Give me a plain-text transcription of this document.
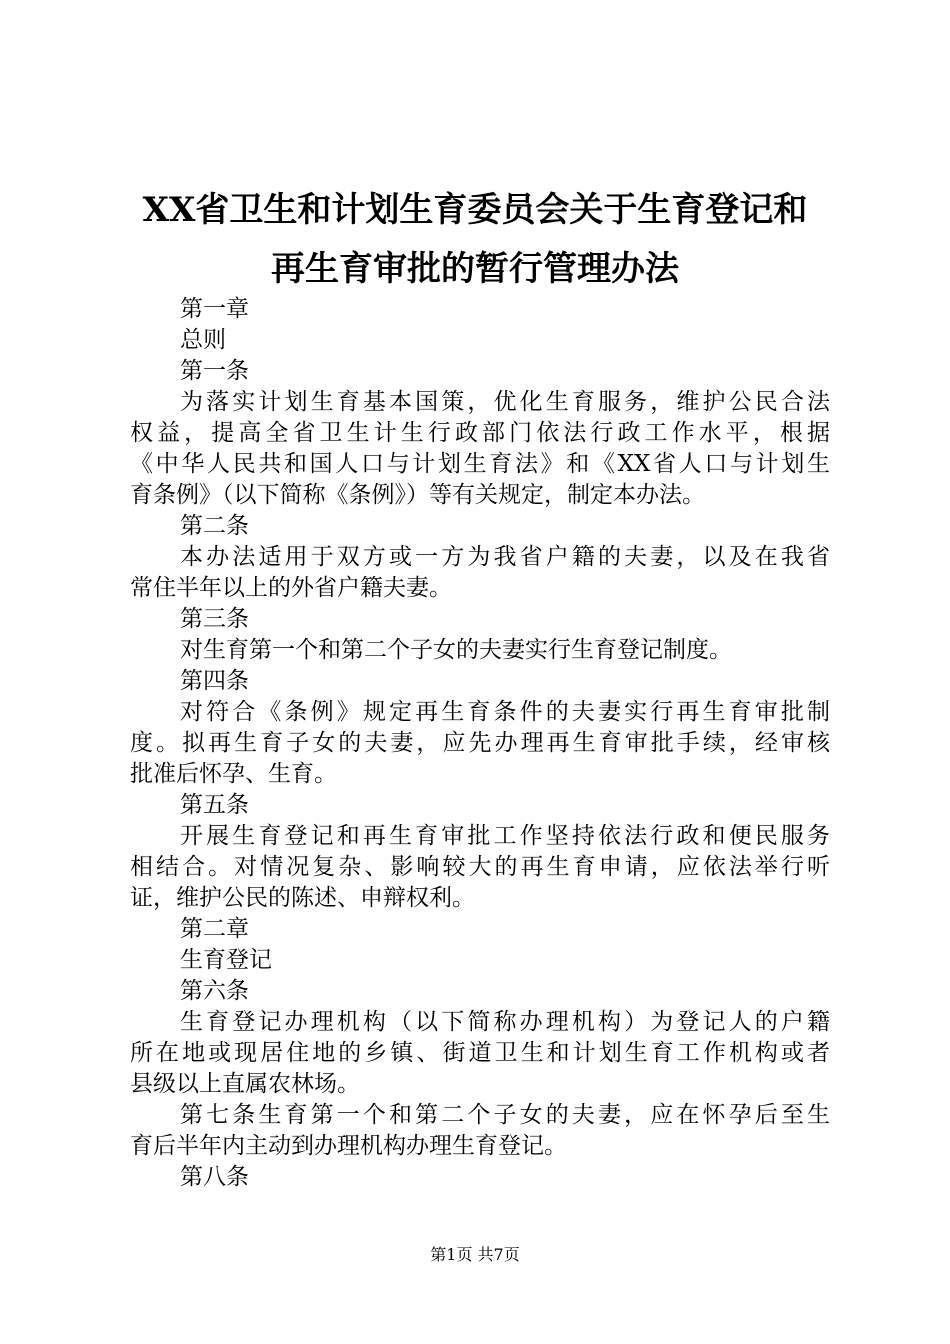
XX省卫生和计划生育委员会关于生育登记和
再生育审批的暂行管理办法
第一章
总则
第一条
为落实计划生育基本国策，优化生育服务，维护公民合法
权益，提高全省卫生计生行政部门依法行政工作水平，根据
《中华人民共和国人口与计划生育法》和《XX省人口与计划生
育条例》（以下简称《条例》）等有关规定，制定本办法。
第二条
本办法适用于双方或一方为我省户籍的夫妻，以及在我省
常住半年以上的外省户籍夫妻。
第三条
对生育第一个和第二个子女的夫妻实行生育登记制度。
第四条
对符合《条例》规定再生育条件的夫妻实行再生育审批制
度。拟再生育子女的夫妻，应先办理再生育审批手续，经审核
批准后怀孕、生育。
第五条
开展生育登记和再生育审批工作坚持依法行政和便民服务
相结合。对情况复杂、影响较大的再生育申请，应依法举行听
证，维护公民的陈述、申辩权利。
第二章
生育登记
第六条
生育登记办理机构（以下简称办理机构）为登记人的户籍
所在地或现居住地的乡镇、街道卫生和计划生育工作机构或者
县级以上直属农林场。
第七条生育第一个和第二个子女的夫妻，应在怀孕后至生
育后半年内主动到办理机构办理生育登记。
第八条
第1页 共7页
